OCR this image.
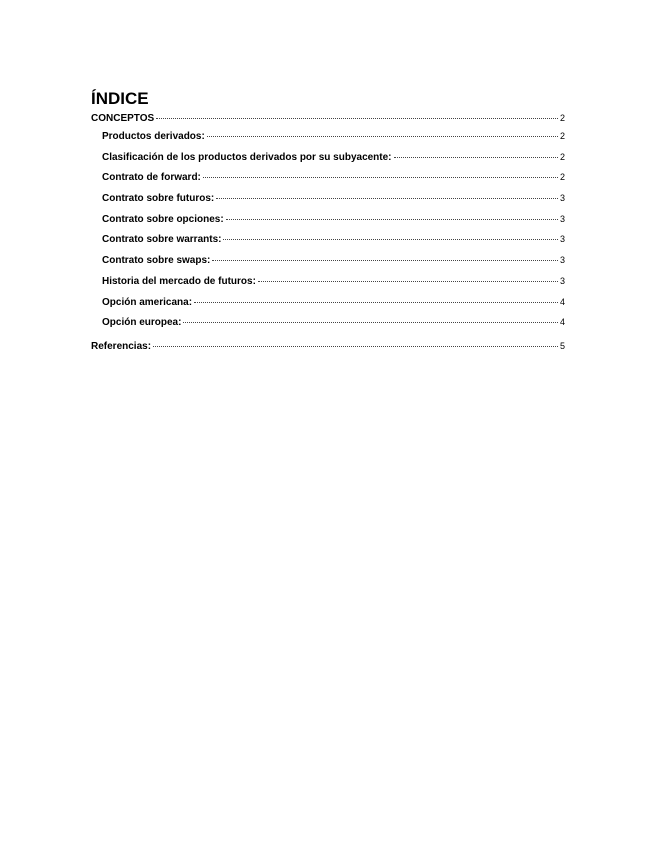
ÍNDICE
CONCEPTOS	2
Productos derivados:	2
Clasificación de los productos derivados por su subyacente:	2
Contrato de forward:	2
Contrato sobre futuros:	3
Contrato sobre opciones:	3
Contrato sobre warrants:	3
Contrato sobre swaps:	3
Historia del mercado de futuros:	3
Opción americana:	4
Opción europea:	4
Referencias:	5
